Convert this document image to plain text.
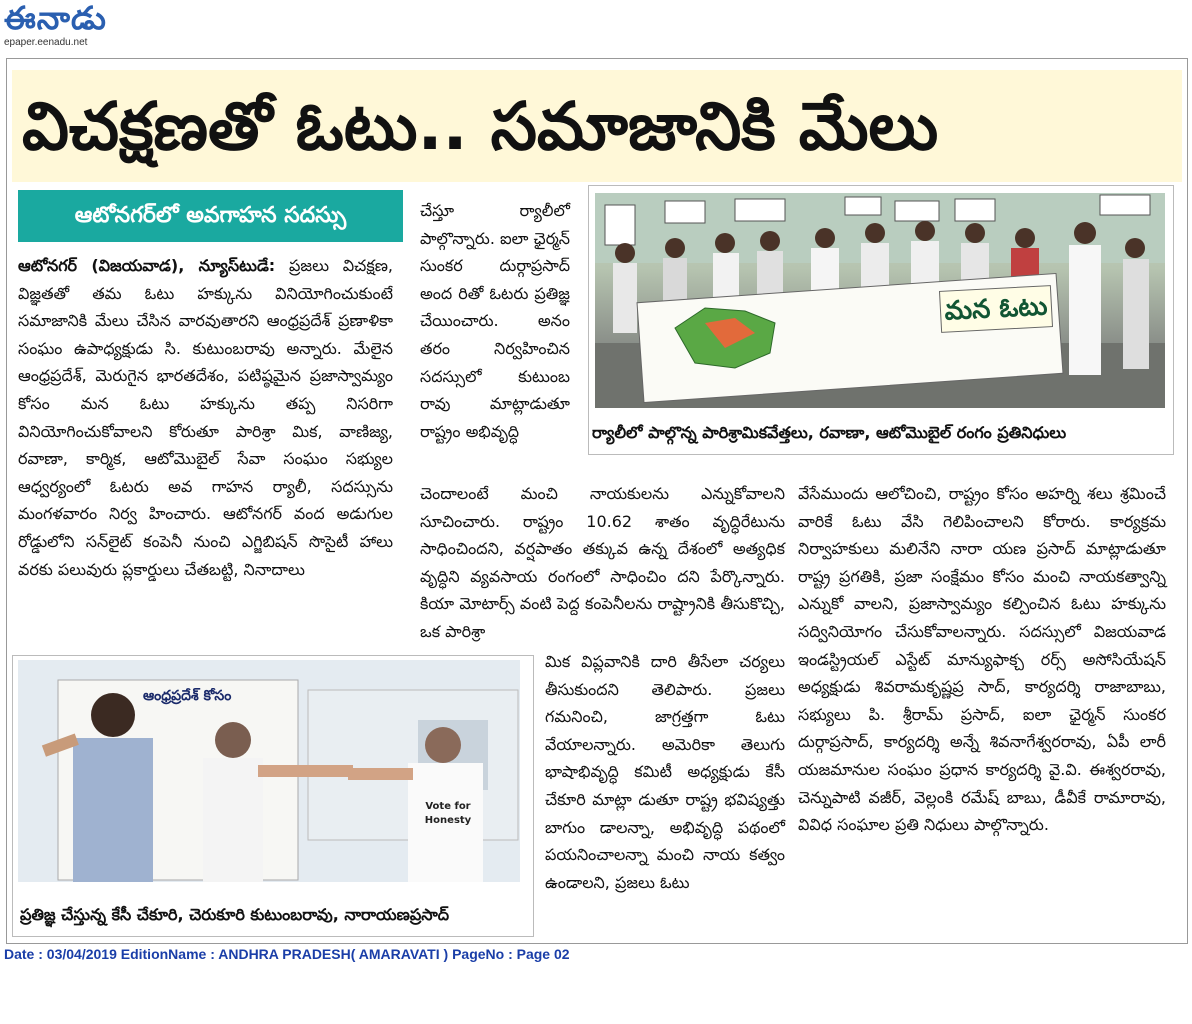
ఈనాడు
epaper.eenadu.net
విచక్షణతో ఓటు.. సమాజానికి మేలు
ఆటోనగర్‌లో అవగాహన సదస్సు

ఆటోనగర్‌ (విజయవాడ), న్యూస్‌టుడే: ప్రజలు విచక్షణ, విజ్ఞతతో తమ ఓటు హక్కును వినియోగించుకుంటే సమాజానికి మేలు చేసిన వారవుతారని ఆంధ్రప్రదేశ్‌ ప్రణాళికా సంఘం ఉపాధ్యక్షుడు సి. కుటుంబరావు అన్నారు. మేలైన ఆంధ్రప్రదేశ్‌, మెరుగైన భారతదేశం, పటిష్ఠమైన ప్రజాస్వామ్యం కోసం మన ఓటు హక్కును తప్ప నిసరిగా వినియోగించుకోవాలని కోరుతూ పారిశ్రా మిక, వాణిజ్య, రవాణా, కార్మిక, ఆటోమొబైల్‌ సేవా సంఘం సభ్యుల ఆధ్వర్యంలో ఓటరు అవ గాహన ర్యాలీ, సదస్సును మంగళవారం నిర్వ హించారు. ఆటోనగర్‌ వంద అడుగుల రోడ్డులోని సన్‌లైట్‌ కంపెనీ నుంచి ఎగ్జిబిషన్‌ సొసైటీ హాలు వరకు పలువురు ప్లకార్డులు చేతబట్టి, నినాదాలు

చేస్తూ ర్యాలీలో పాల్గొన్నారు. ఐలా ఛైర్మన్‌ సుంకర దుర్గాప్రసాద్‌ అంద రితో ఓటరు ప్రతిజ్ఞ చేయించారు. అనం తరం నిర్వహించిన సదస్సులో కుటుంబ రావు మాట్లాడుతూ రాష్ట్రం అభివృద్ధి

చెందాలంటే మంచి నాయకులను ఎన్నుకోవాలని సూచించారు. రాష్ట్రం 10.62 శాతం వృద్ధిరేటును సాధించిందని, వర్షపాతం తక్కువ ఉన్న దేశంలో అత్యధిక వృద్ధిని వ్యవసాయ రంగంలో సాధించిం దని పేర్కొన్నారు. కియా మోటార్స్‌ వంటి పెద్ద కంపెనీలను రాష్ట్రానికి తీసుకొచ్చి, ఒక పారిశ్రా

మిక విప్లవానికి దారి తీసేలా చర్యలు తీసుకుందని తెలిపారు. ప్రజలు గమనించి, జాగ్రత్తగా ఓటు వేయాలన్నారు. అమెరికా తెలుగు భాషాభివృద్ధి కమిటీ అధ్యక్షుడు కేసీ చేకూరి మాట్లా డుతూ రాష్ట్ర భవిష్యత్తు బాగుం డాలన్నా, అభివృద్ధి పథంలో పయనించాలన్నా మంచి నాయ కత్వం ఉండాలని, ప్రజలు ఓటు

వేసేముందు ఆలోచించి, రాష్ట్రం కోసం అహర్ని శలు శ్రమించే వారికే ఓటు వేసి గెలిపించాలని కోరారు. కార్యక్రమ నిర్వాహకులు మలినేని నారా యణ ప్రసాద్‌ మాట్లాడుతూ రాష్ట్ర ప్రగతికి, ప్రజా సంక్షేమం కోసం మంచి నాయకత్వాన్ని ఎన్నుకో వాలని, ప్రజాస్వామ్యం కల్పించిన ఓటు హక్కును సద్వినియోగం చేసుకోవాలన్నారు. సదస్సులో విజయవాడ ఇండస్ట్రియల్‌ ఎస్టేట్‌ మాన్యుఫాక్చ రర్స్‌ అసోసియేషన్‌ అధ్యక్షుడు శివరామకృష్ణప్ర సాద్‌, కార్యదర్శి రాజాబాబు, సభ్యులు పి. శ్రీరామ్‌ ప్రసాద్‌, ఐలా ఛైర్మన్‌ సుంకర దుర్గాప్రసాద్‌, కార్యదర్శి అన్నే శివనాగేశ్వరరావు, ఏపీ లారీ యజమానుల సంఘం ప్రధాన కార్యదర్శి వై.వి. ఈశ్వరరావు, చెన్నుపాటి వజీర్‌, వెల్లంకి రమేష్‌ బాబు, డీవీకే రామారావు, వివిధ సంఘాల ప్రతి నిధులు పాల్గొన్నారు.

మన ఓటు
ర్యాలీలో పాల్గొన్న పారిశ్రామికవేత్తలు, రవాణా, ఆటోమొబైల్‌ రంగం ప్రతినిధులు
ఆంధ్రప్రదేశ్‌ కోసం
Vote for Honesty
ప్రతిజ్ఞ చేస్తున్న కేసీ చేకూరి, చెరుకూరి కుటుంబరావు, నారాయణప్రసాద్‌
Date : 03/04/2019 EditionName : ANDHRA PRADESH( AMARAVATI ) PageNo : Page 02
